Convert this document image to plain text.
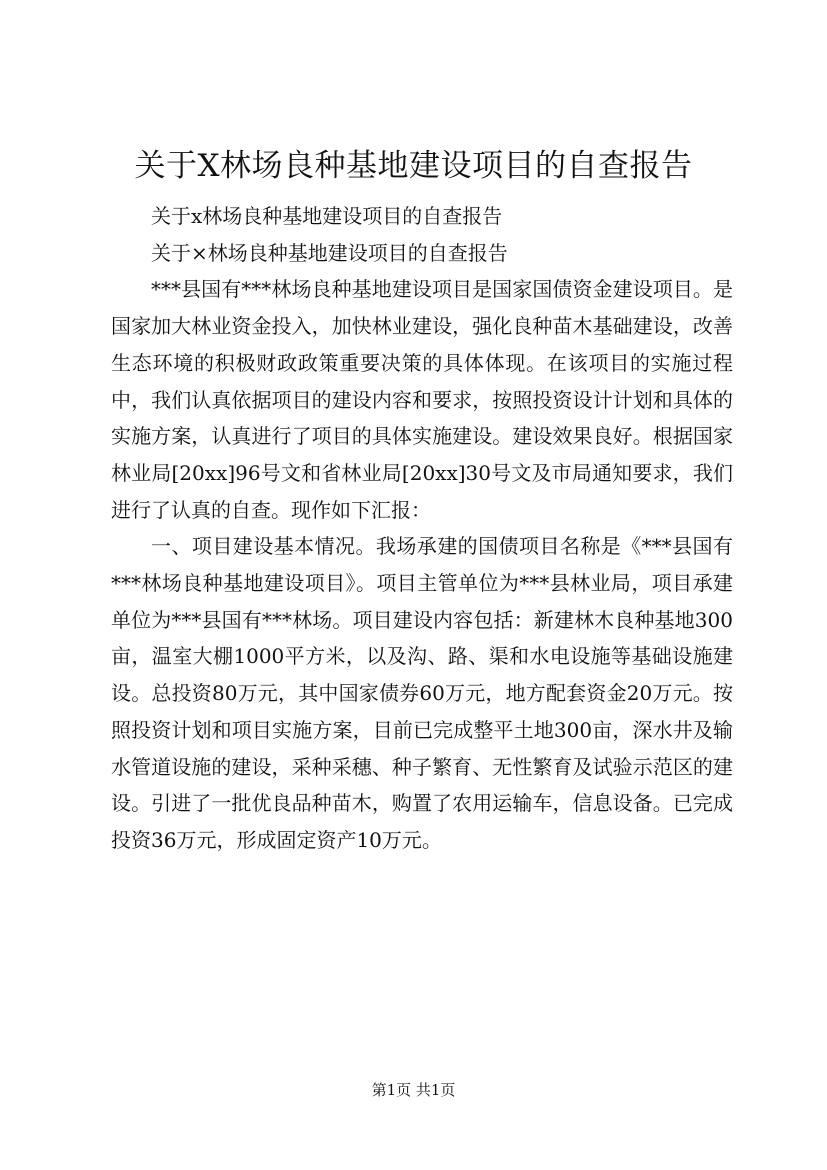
关于X林场良种基地建设项目的自查报告

关于x林场良种基地建设项目的自查报告

关于×林场良种基地建设项目的自查报告

***县国有***林场良种基地建设项目是国家国债资金建设项目。是国家加大林业资金投入，加快林业建设，强化良种苗木基础建设，改善生态环境的积极财政政策重要决策的具体体现。在该项目的实施过程中，我们认真依据项目的建设内容和要求，按照投资设计计划和具体的实施方案，认真进行了项目的具体实施建设。建设效果良好。根据国家林业局[20xx]96号文和省林业局[20xx]30号文及市局通知要求，我们进行了认真的自查。现作如下汇报：

一、项目建设基本情况。我场承建的国债项目名称是《***县国有***林场良种基地建设项目》。项目主管单位为***县林业局，项目承建单位为***县国有***林场。项目建设内容包括：新建林木良种基地300亩，温室大棚1000平方米，以及沟、路、渠和水电设施等基础设施建设。总投资80万元，其中国家债券60万元，地方配套资金20万元。按照投资计划和项目实施方案，目前已完成整平土地300亩，深水井及输水管道设施的建设，采种采穗、种子繁育、无性繁育及试验示范区的建设。引进了一批优良品种苗木，购置了农用运输车，信息设备。已完成投资36万元，形成固定资产10万元。

第1页 共1页
